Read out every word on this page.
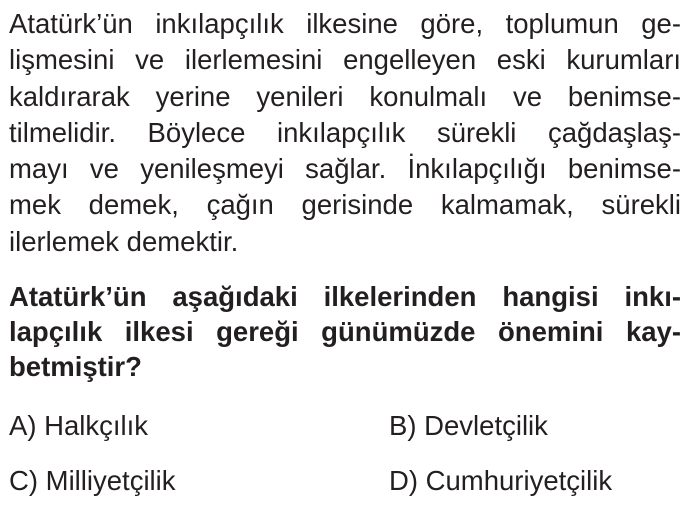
Atatürk’ün inkılapçılık ilkesine göre, toplumun ge-
lişmesini ve ilerlemesini engelleyen eski kurumları
kaldırarak yerine yenileri konulmalı ve benimse-
tilmelidir. Böylece inkılapçılık sürekli çağdaşlaş-
mayı ve yenileşmeyi sağlar. İnkılapçılığı benimse-
mek demek, çağın gerisinde kalmamak, sürekli
ilerlemek demektir.
Atatürk’ün aşağıdaki ilkelerinden hangisi inkı-
lapçılık ilkesi gereği günümüzde önemini kay-
betmiştir?
A) Halkçılık	B) Devletçilik
C) Milliyetçilik	D) Cumhuriyetçilik
